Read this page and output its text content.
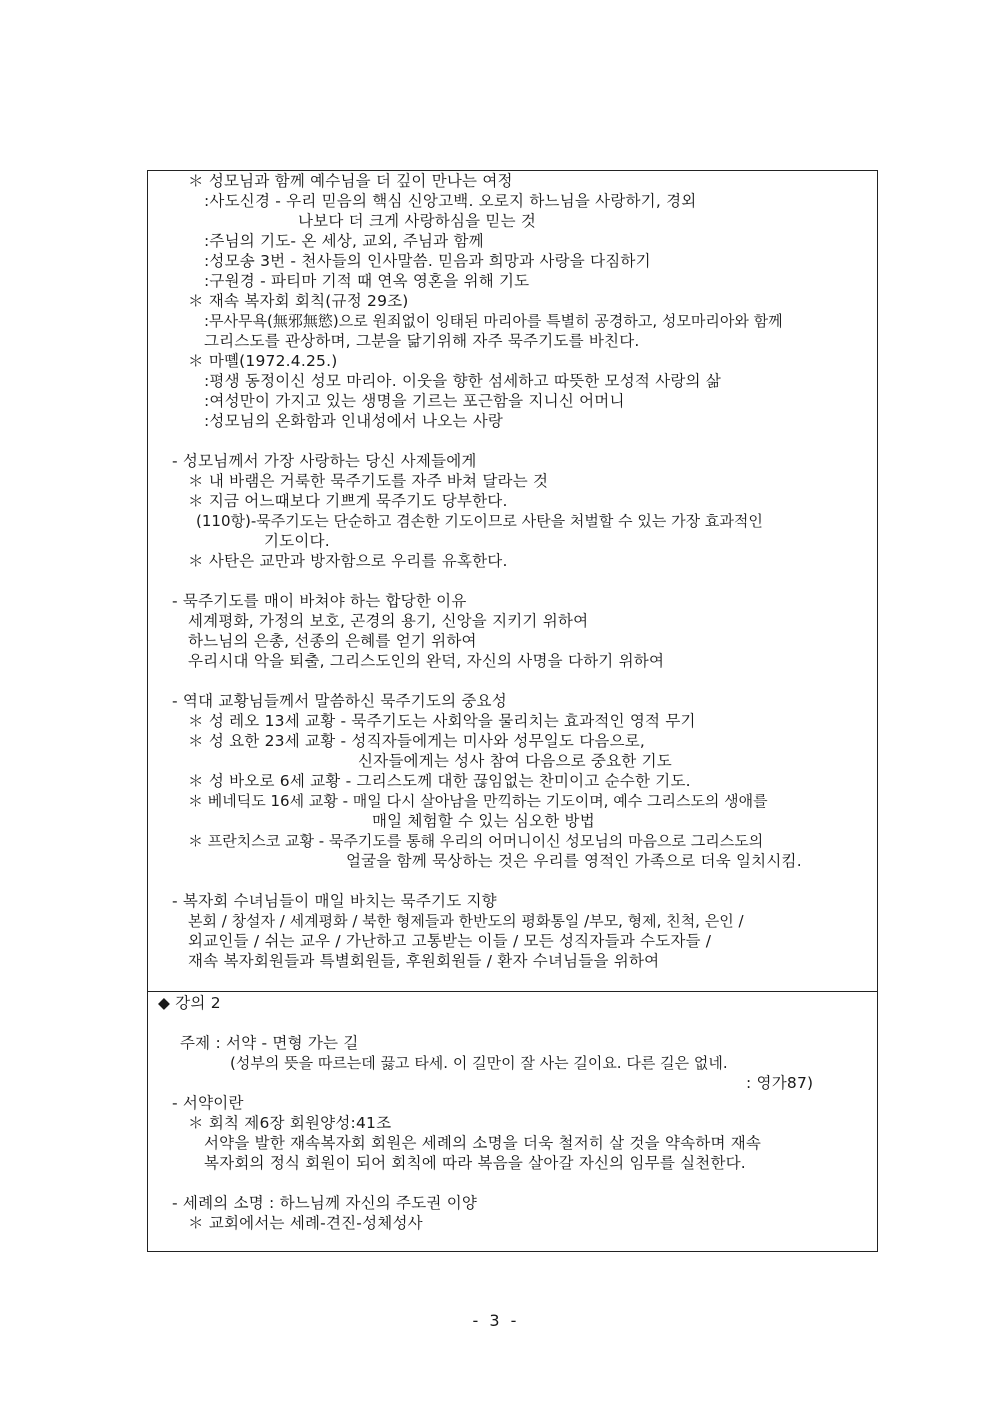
＊ 성모님과 함께 예수님을 더 깊이 만나는 여정
:사도신경 - 우리 믿음의 핵심 신앙고백. 오로지 하느님을 사랑하기, 경외
나보다 더 크게 사랑하심을 믿는 것
:주님의 기도- 온 세상, 교외, 주님과 함께
:성모송 3번 - 천사들의 인사말씀. 믿음과 희망과 사랑을 다짐하기
:구원경 - 파티마 기적 때 연옥 영혼을 위해 기도
＊ 재속 복자회 회칙(규정 29조)
:무사무욕(無邪無慾)으로 원죄없이 잉태된 마리아를 특별히 공경하고, 성모마리아와 함께
그리스도를 관상하며, 그분을 닮기위해 자주 묵주기도를 바친다.
＊ 마뗼(1972.4.25.)
:평생 동정이신 성모 마리아. 이웃을 향한 섬세하고 따뜻한 모성적 사랑의 삶
:여성만이 가지고 있는 생명을 기르는 포근함을 지니신 어머니
:성모님의 온화함과 인내성에서 나오는 사랑
- 성모님께서 가장 사랑하는 당신 사제들에게
＊ 내 바램은 거룩한 묵주기도를 자주 바쳐 달라는 것
＊ 지금 어느때보다 기쁘게 묵주기도 당부한다.
(110항)-묵주기도는 단순하고 겸손한 기도이므로 사탄을 처벌할 수 있는 가장 효과적인
기도이다.
＊ 사탄은 교만과 방자함으로 우리를 유혹한다.
- 묵주기도를 매이 바쳐야 하는 합당한 이유
세계평화, 가정의 보호, 곤경의 용기, 신앙을 지키기 위하여
하느님의 은총, 선종의 은혜를 얻기 위하여
우리시대 악을 퇴출, 그리스도인의 완덕, 자신의 사명을 다하기 위하여
- 역대 교황님들께서 말씀하신 묵주기도의 중요성
＊ 성 레오 13세 교황 - 묵주기도는 사회악을 물리치는 효과적인 영적 무기
＊ 성 요한 23세 교황 - 성직자들에게는 미사와 성무일도 다음으로,
신자들에게는 성사 참여 다음으로 중요한 기도
＊ 성 바오로 6세 교황 - 그리스도께 대한 끊임없는 찬미이고 순수한 기도.
＊ 베네딕도 16세 교황 - 매일 다시 살아남을 만끽하는 기도이며, 예수 그리스도의 생애를
매일 체험할 수 있는 심오한 방법
＊ 프란치스코 교황 - 묵주기도를 통해 우리의 어머니이신 성모님의 마음으로 그리스도의
얼굴을 함께 묵상하는 것은 우리를 영적인 가족으로 더욱 일치시킴.
- 복자회 수녀님들이 매일 바치는 묵주기도 지향
본회 / 창설자 / 세계평화 / 북한 형제들과 한반도의 평화통일 /부모, 형제, 친척, 은인 /
외교인들 / 쉬는 교우 / 가난하고 고통받는 이들 / 모든 성직자들과 수도자들 /
재속 복자회원들과 특별회원들, 후원회원들 / 환자 수녀님들을 위하여
◆ 강의 2
주제 : 서약 - 면형 가는 길
(성부의 뜻을 따르는데 끓고 타세. 이 길만이 잘 사는 길이요. 다른 길은 없네.
: 영가87)
- 서약이란
＊ 회칙 제6장 회원양성:41조
서약을 발한 재속복자회 회원은 세례의 소명을 더욱 철저히 살 것을 약속하며 재속
복자회의 정식 회원이 되어 회칙에 따라 복음을 살아갈 자신의 임무를 실천한다.
- 세례의 소명 : 하느님께 자신의 주도권 이양
＊ 교회에서는 세례-견진-성체성사
- 3 -
